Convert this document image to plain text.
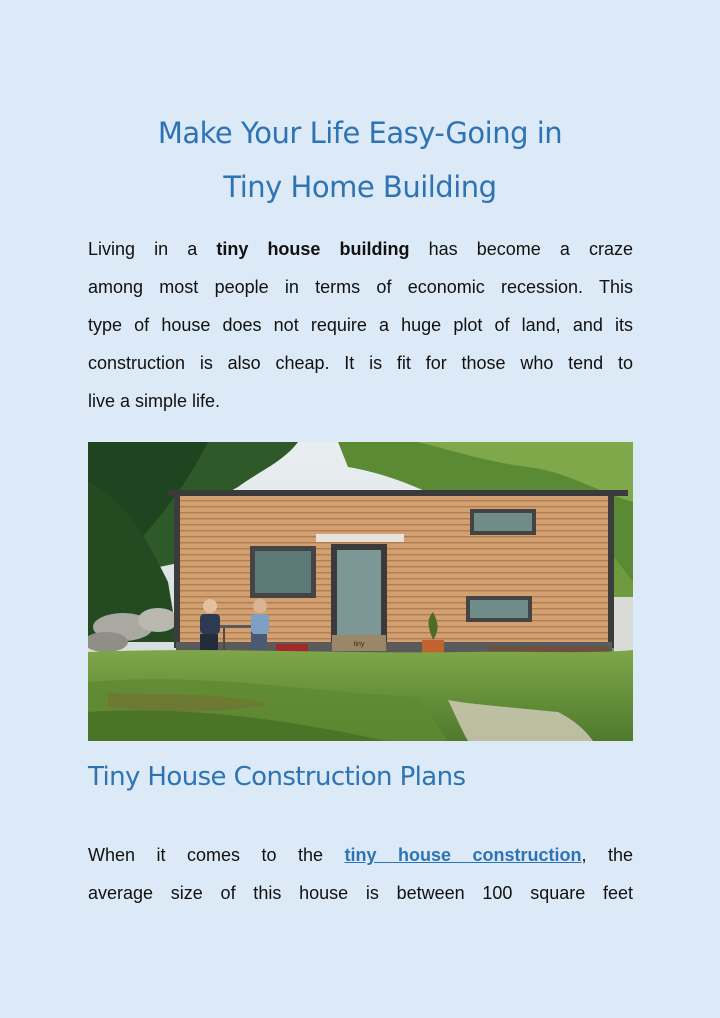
Make Your Life Easy-Going in
Tiny Home Building

Living in a tiny house building has become a craze
among most people in terms of economic recession. This
type of house does not require a huge plot of land, and its
construction is also cheap. It is fit for those who tend to
live a simple life.

tiny
Tiny House Construction Plans

When it comes to the tiny house construction, the
average size of this house is between 100 square feet
